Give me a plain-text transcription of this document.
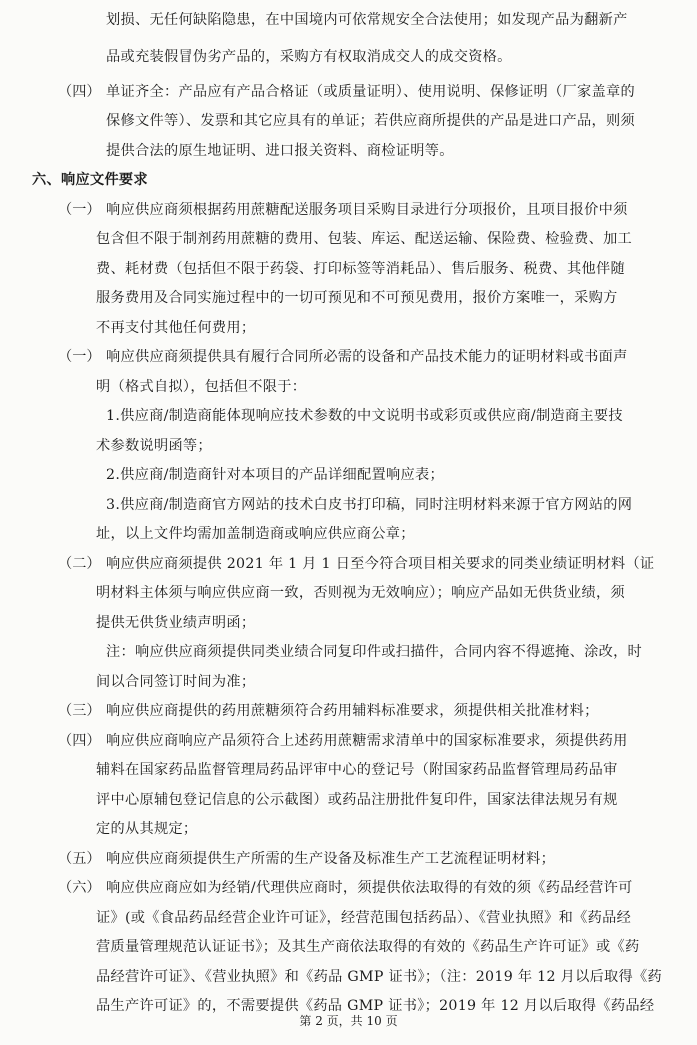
划损、无任何缺陷隐患，在中国境内可依常规安全合法使用；如发现产品为翻新产
品或充装假冒伪劣产品的，采购方有权取消成交人的成交资格。
（四） 单证齐全：产品应有产品合格证（或质量证明）、使用说明、保修证明（厂家盖章的
保修文件等）、发票和其它应具有的单证；若供应商所提供的产品是进口产品，则须
提供合法的原生地证明、进口报关资料、商检证明等。
六、响应文件要求
（一） 响应供应商须根据药用蔗糖配送服务项目采购目录进行分项报价，且项目报价中须
包含但不限于制剂药用蔗糖的费用、包装、库运、配送运输、保险费、检验费、加工
费、耗材费（包括但不限于药袋、打印标签等消耗品）、售后服务、税费、其他伴随
服务费用及合同实施过程中的一切可预见和不可预见费用，报价方案唯一，采购方
不再支付其他任何费用；
（一） 响应供应商须提供具有履行合同所必需的设备和产品技术能力的证明材料或书面声
明（格式自拟），包括但不限于：
1.供应商/制造商能体现响应技术参数的中文说明书或彩页或供应商/制造商主要技
术参数说明函等；
2.供应商/制造商针对本项目的产品详细配置响应表；
3.供应商/制造商官方网站的技术白皮书打印稿，同时注明材料来源于官方网站的网
址，以上文件均需加盖制造商或响应供应商公章；
（二） 响应供应商须提供 2021 年 1 月 1 日至今符合项目相关要求的同类业绩证明材料（证
明材料主体须与响应供应商一致，否则视为无效响应）；响应产品如无供货业绩，须
提供无供货业绩声明函；
注：响应供应商须提供同类业绩合同复印件或扫描件，合同内容不得遮掩、涂改，时
间以合同签订时间为准；
（三） 响应供应商提供的药用蔗糖须符合药用辅料标准要求，须提供相关批准材料；
（四） 响应供应商响应产品须符合上述药用蔗糖需求清单中的国家标准要求，须提供药用
辅料在国家药品监督管理局药品评审中心的登记号（附国家药品监督管理局药品审
评中心原辅包登记信息的公示截图）或药品注册批件复印件，国家法律法规另有规
定的从其规定；
（五） 响应供应商须提供生产所需的生产设备及标准生产工艺流程证明材料；
（六） 响应供应商应如为经销/代理供应商时，须提供依法取得的有效的须《药品经营许可
证》(或《食品药品经营企业许可证》，经营范围包括药品）、《营业执照》和《药品经
营质量管理规范认证证书》；及其生产商依法取得的有效的《药品生产许可证》或《药
品经营许可证》、《营业执照》和《药品 GMP 证书》；（注：2019 年 12 月以后取得《药
品生产许可证》的，不需要提供《药品 GMP 证书》；2019 年 12 月以后取得《药品经
第 2 页，共 10 页
